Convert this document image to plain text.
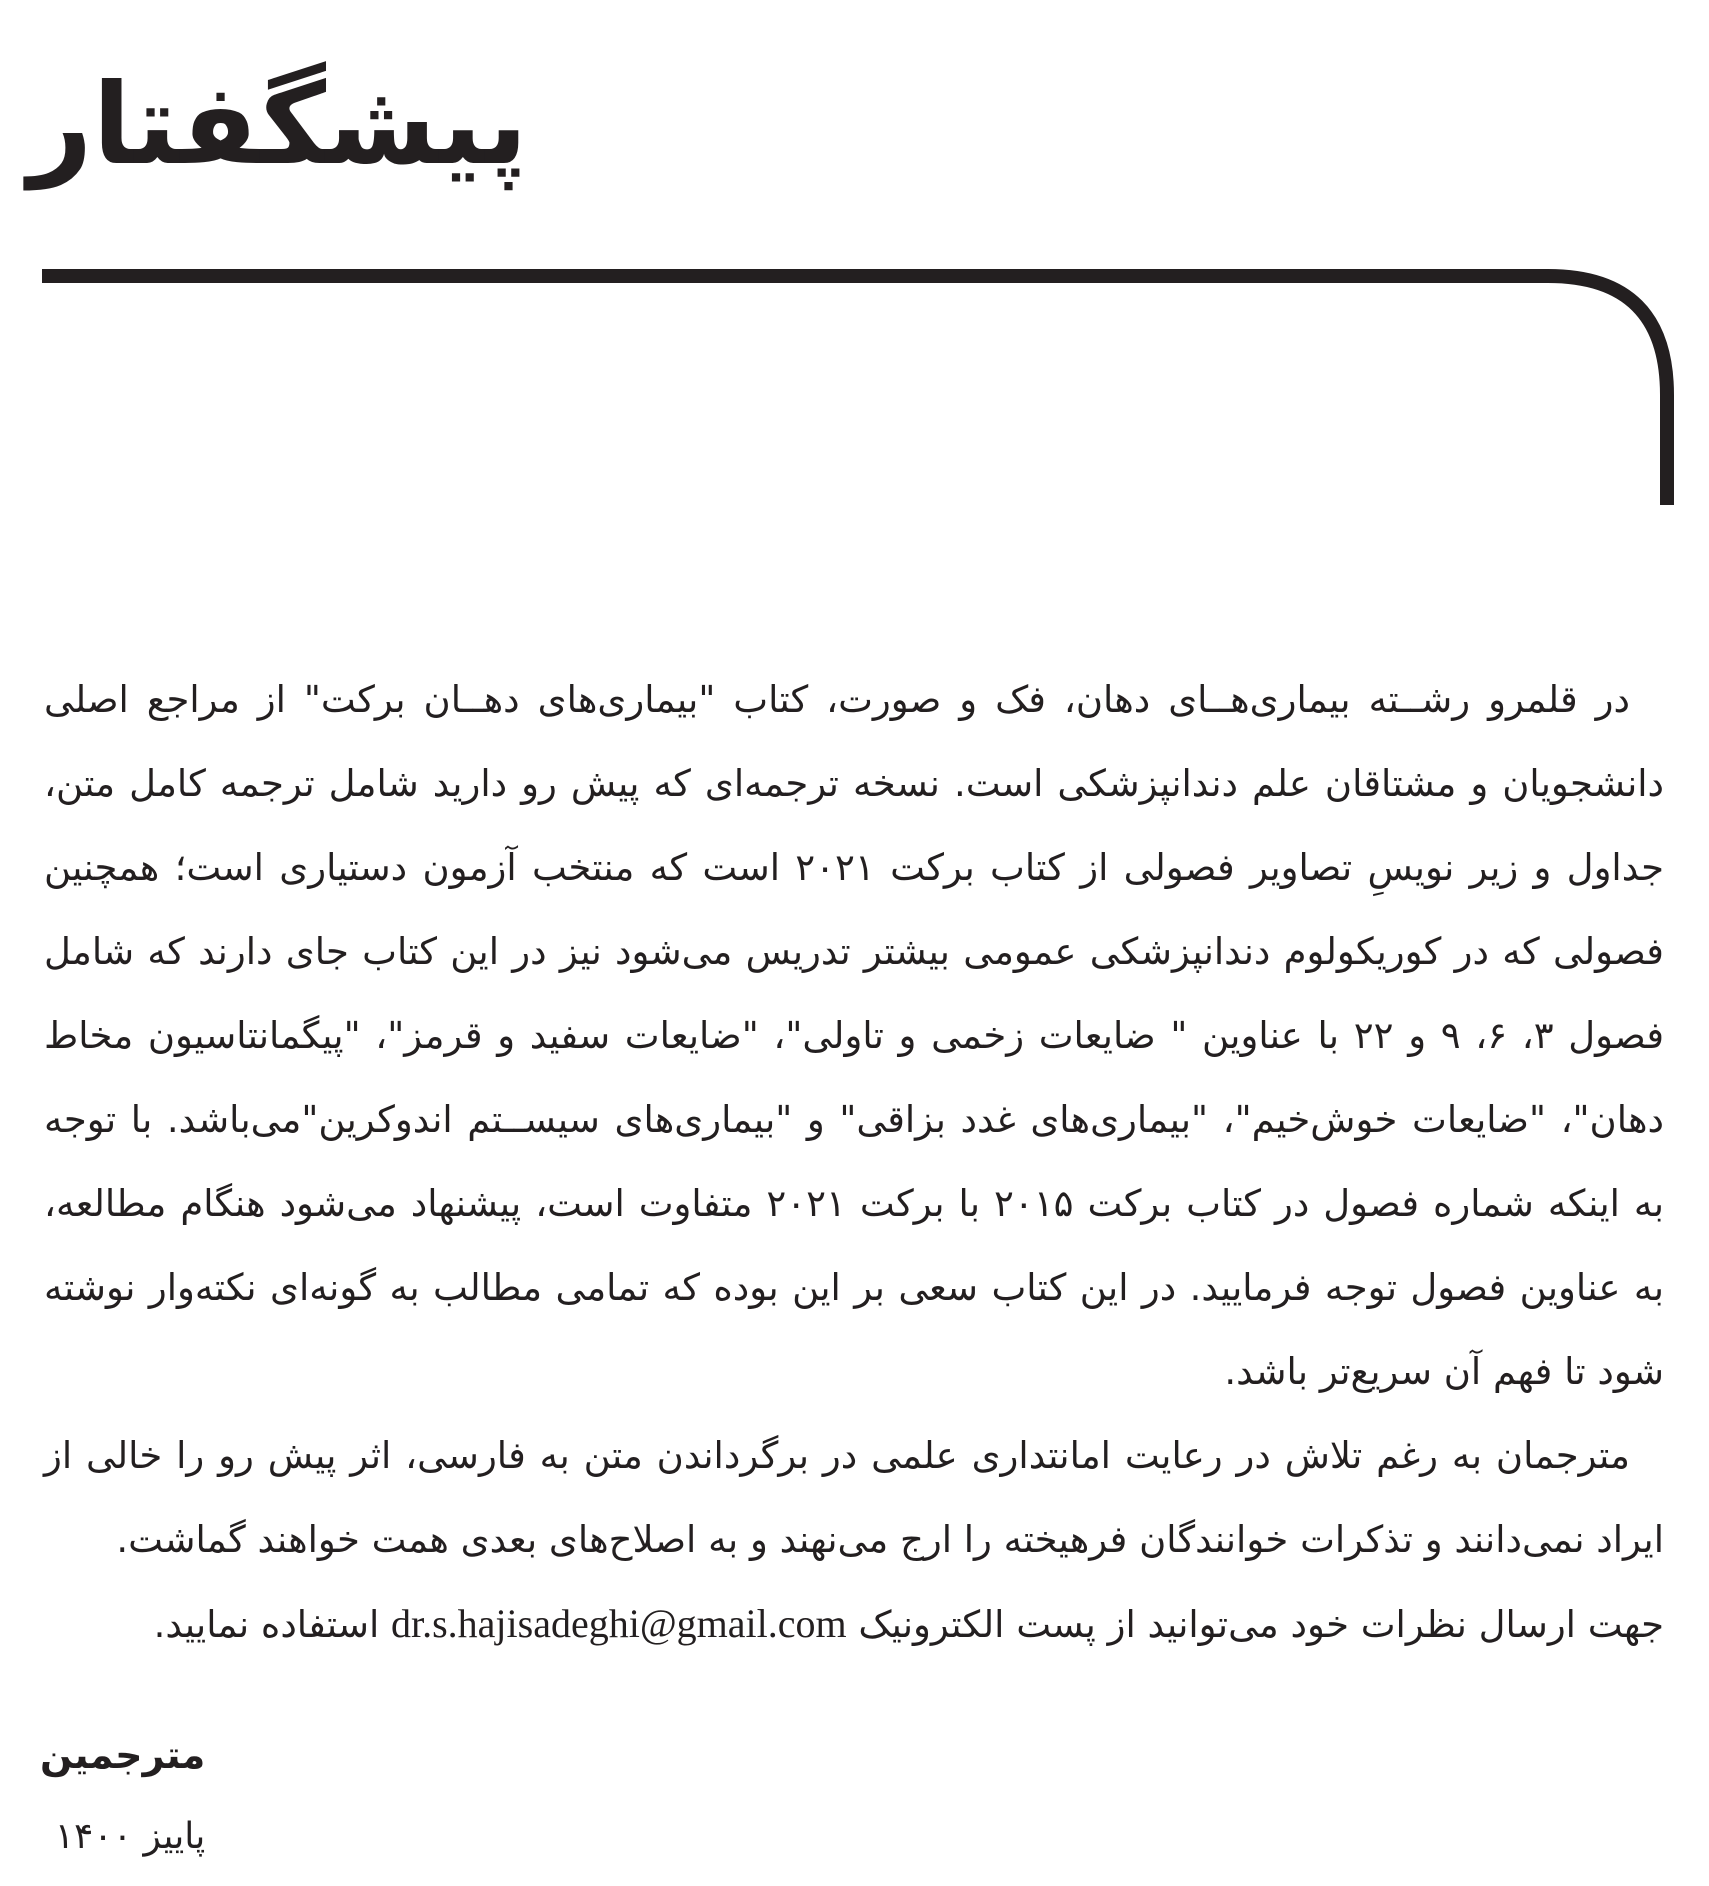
پیشگفتار

در قلمرو رشــته بیماری‌هــای دهان، فک و صورت، کتاب "بیماری‌های دهــان برکت" از مراجع اصلی دانشجویان و مشتاقان علم دندانپزشکی است. نسخه ترجمه‌ای که پیش رو دارید شامل ترجمه کامل متن، جداول و زیر نویسِ تصاویر فصولی از کتاب برکت ۲۰۲۱ است که منتخب آزمون دستیاری است؛ همچنین فصولی که در کوریکولوم دندانپزشکی عمومی بیشتر تدریس می‌شود نیز در این کتاب جای دارند که شامل فصول ۳، ۶، ۹ و ۲۲ با عناوین " ضایعات زخمی و تاولی"، "ضایعات سفید و قرمز"، "پیگمانتاسیون مخاط دهان"، "ضایعات خوش‌خیم"، "بیماری‌های غدد بزاقی" و "بیماری‌های سیســتم اندوکرین"می‌باشد. با توجه به اینکه شماره فصول در کتاب برکت ۲۰۱۵ با برکت ۲۰۲۱ متفاوت است، پیشنهاد می‌شود هنگام مطالعه، به عناوین فصول توجه فرمایید. در این کتاب سعی بر این بوده که تمامی مطالب به گونه‌ای نکته‌وار نوشته شود تا فهم آن سریع‌تر باشد.

مترجمان به رغم تلاش در رعایت امانتداری علمی در برگرداندن متن به فارسی، اثر پیش رو را خالی از ایراد نمی‌دانند و تذکرات خوانندگان فرهیخته را ارج می‌نهند و به اصلاح‌های بعدی همت خواهند گماشت.

جهت ارسال نظرات خود می‌توانید از پست الکترونیک dr.s.hajisadeghi@gmail.com استفاده نمایید.

مترجمین
پاییز ۱۴۰۰
